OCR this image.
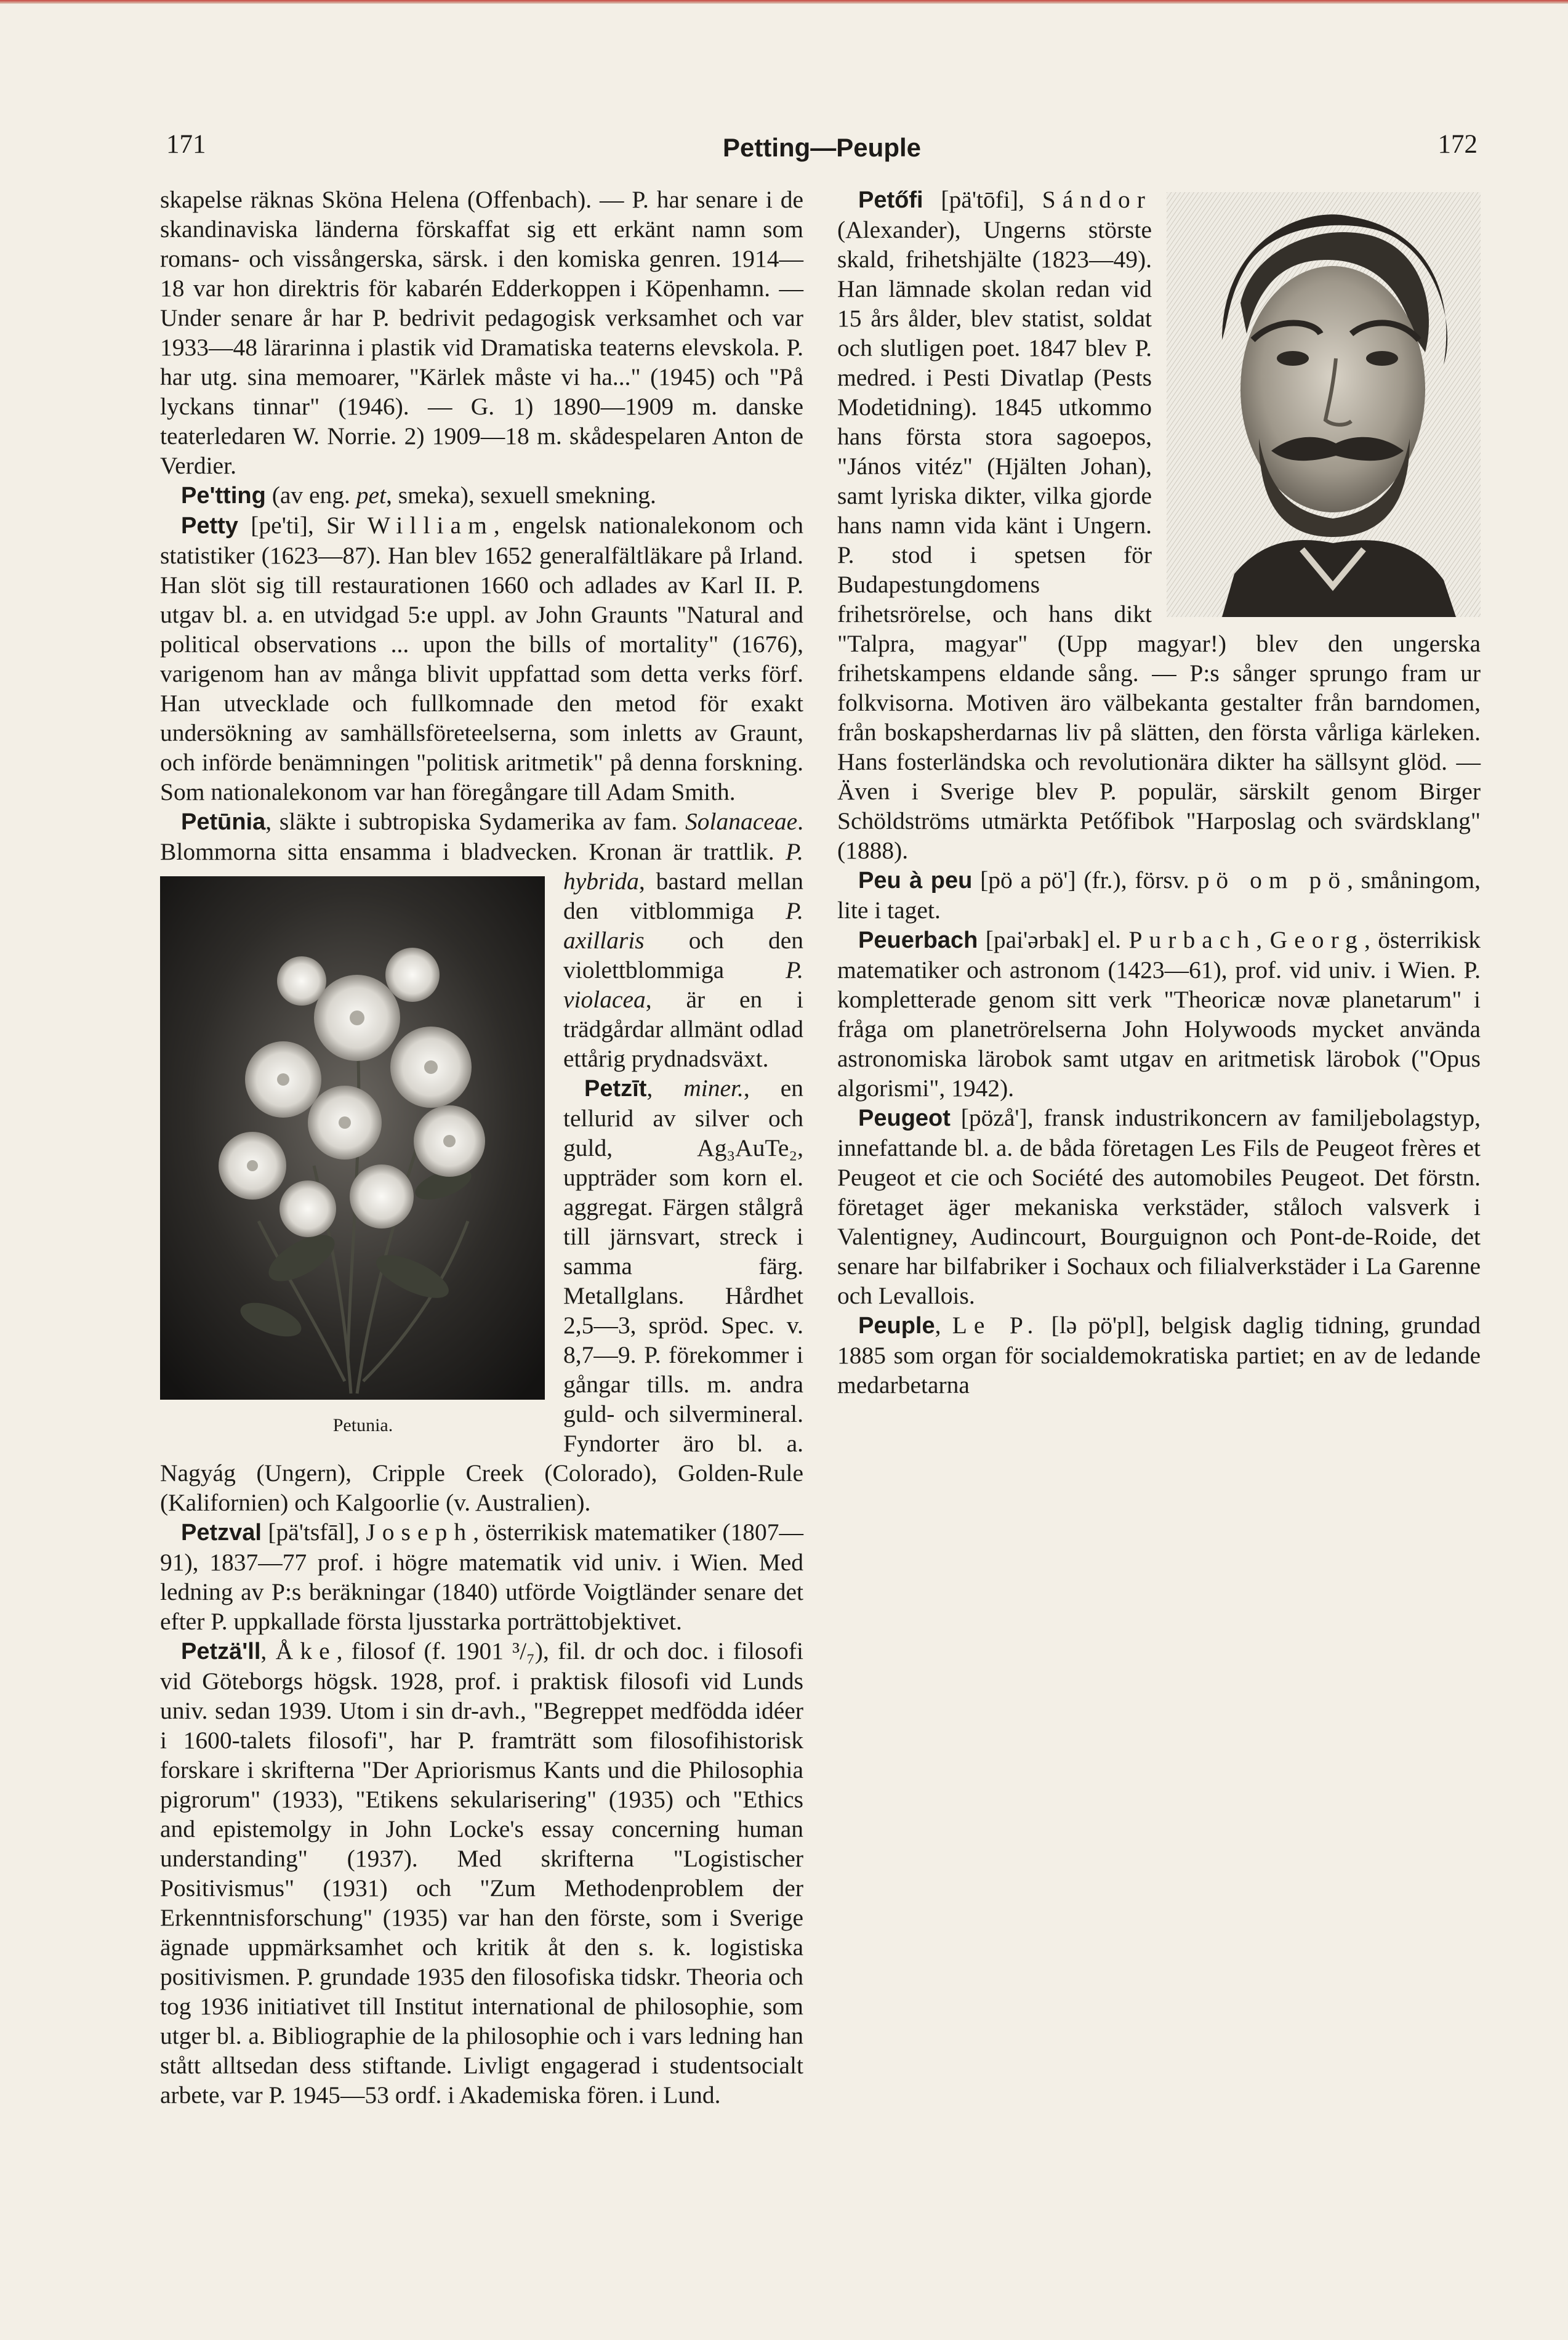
171	Petting—Peuple	172

skapelse räknas Sköna Helena (Offenbach). — P. har senare i de skandinaviska länderna förskaffat sig ett erkänt namn som romans- och vissångerska, särsk. i den komiska genren. 1914—18 var hon direktris för kabarén Edderkoppen i Köpenhamn. — Under senare år har P. bedrivit pedagogisk verksamhet och var 1933—48 lärarinna i plastik vid Dramatiska teaterns elevskola. P. har utg. sina memoarer, "Kärlek måste vi ha..." (1945) och "På lyckans tinnar" (1946). — G. 1) 1890—1909 m. danske teaterledaren W. Norrie. 2) 1909—18 m. skådespelaren Anton de Verdier.

Pe'tting (av eng. pet, smeka), sexuell smekning.

Petty [pe'ti], Sir William, engelsk nationalekonom och statistiker (1623—87). Han blev 1652 generalfältläkare på Irland. Han slöt sig till restaurationen 1660 och adlades av Karl II. P. utgav bl. a. en utvidgad 5:e uppl. av John Graunts "Natural and political observations ... upon the bills of mortality" (1676), varigenom han av många blivit uppfattad som detta verks förf. Han utvecklade och fullkomnade den metod för exakt undersökning av samhällsföreteelserna, som inletts av Graunt, och införde benämningen "politisk aritmetik" på denna forskning. Som nationalekonom var han föregångare till Adam Smith.

Petūnia, släkte i subtropiska Sydamerika av fam. Solanaceae. Blommorna sitta ensamma i bladvecken. Kronan är trattlik.
Petunia.
P. hybrida, bastard mellan den vitblommiga P. axillaris och den violettblommiga P. violacea, är en i trädgårdar allmänt odlad ettårig prydnadsväxt.

Petzīt, miner., en tellurid av silver och guld, Ag₃AuTe₂, uppträder som korn el. aggregat. Färgen stålgrå till järnsvart, streck i samma färg. Metallglans. Hårdhet 2,5—3, spröd. Spec. v. 8,7—9. P. förekommer i gångar tills. m. andra guld- och silvermineral. Fyndorter äro bl. a. Nagyág (Ungern), Cripple Creek (Colorado), Golden-Rule (Kalifornien) och Kalgoorlie (v. Australien).

Petzval [pä'tsfāl], Joseph, österrikisk matematiker (1807—91), 1837—77 prof. i högre matematik vid univ. i Wien. Med ledning av P:s beräkningar (1840) utförde Voigtländer senare det efter P. uppkallade första ljusstarka porträttobjektivet.

Petzä'll, Åke, filosof (f. 1901 ³/₇), fil. dr och doc. i filosofi vid Göteborgs högsk. 1928, prof. i praktisk filosofi vid Lunds univ. sedan 1939. Utom i sin dr-avh., "Begreppet medfödda idéer i 1600-talets filosofi", har P. framträtt som filosofihistorisk forskare i skrifterna "Der Apriorismus Kants und die Philosophia pigrorum" (1933), "Etikens sekularisering" (1935) och "Ethics and epistemolgy in John Locke's essay concerning human understanding" (1937). Med skrifterna "Logistischer Positivismus" (1931) och "Zum Methodenproblem der Erkenntnisforschung" (1935) var han den förste, som i Sverige ägnade uppmärksamhet och kritik åt den s. k. logistiska positivismen. P. grundade 1935 den filosofiska tidskr. Theoria och tog 1936 initiativet till Institut international de philosophie, som utger bl. a. Bibliographie de la philosophie och i vars ledning han stått alltsedan dess stiftande. Livligt engagerad i studentsocialt arbete, var P. 1945—53 ordf. i Akademiska fören. i Lund.

Petőfi [pä'tōfi], Sándor
(Alexander), Ungerns störste skald, frihetshjälte (1823—49). Han lämnade skolan redan vid 15 års ålder, blev statist, soldat och slutligen poet. 1847 blev P. medred. i Pesti Divatlap (Pests Modetidning). 1845 utkommo hans första stora sagoepos, "János vitéz" (Hjälten Johan), samt lyriska dikter, vilka gjorde hans namn vida känt i Ungern. P. stod i spetsen för Budapestungdomens frihetsrörelse, och hans dikt "Talpra, magyar" (Upp magyar!) blev den ungerska frihetskampens eldande sång. — P:s sånger sprungo fram ur folkvisorna. Motiven äro välbekanta gestalter från barndomen, från boskapsherdarnas liv på slätten, den första vårliga kärleken. Hans fosterländska och revolutionära dikter ha sällsynt glöd. — Även i Sverige blev P. populär, särskilt genom Birger Schöldströms utmärkta Petőfibok "Harposlag och svärdsklang" (1888).

Peu à peu [pö a pö'] (fr.), försv. pö om pö, småningom, lite i taget.

Peuerbach [pai'ərbak] el. Purbach, Georg, österrikisk matematiker och astronom (1423—61), prof. vid univ. i Wien. P. kompletterade genom sitt verk "Theoricæ novæ planetarum" i fråga om planetrörelserna John Holywoods mycket använda astronomiska lärobok samt utgav en aritmetisk lärobok ("Opus algorismi", 1942).

Peugeot [pözå'], fransk industrikoncern av familjebolagstyp, innefattande bl. a. de båda företagen Les Fils de Peugeot frères et Peugeot et cie och Société des automobiles Peugeot. Det förstn. företaget äger mekaniska verkstäder, ståloch valsverk i Valentigney, Audincourt, Bourguignon och Pont-de-Roide, det senare har bilfabriker i Sochaux och filialverkstäder i La Garenne och Levallois.

Peuple, Le P. [lə pö'pl], belgisk daglig tidning, grundad 1885 som organ för socialdemokratiska partiet; en av de ledande medarbetarna
